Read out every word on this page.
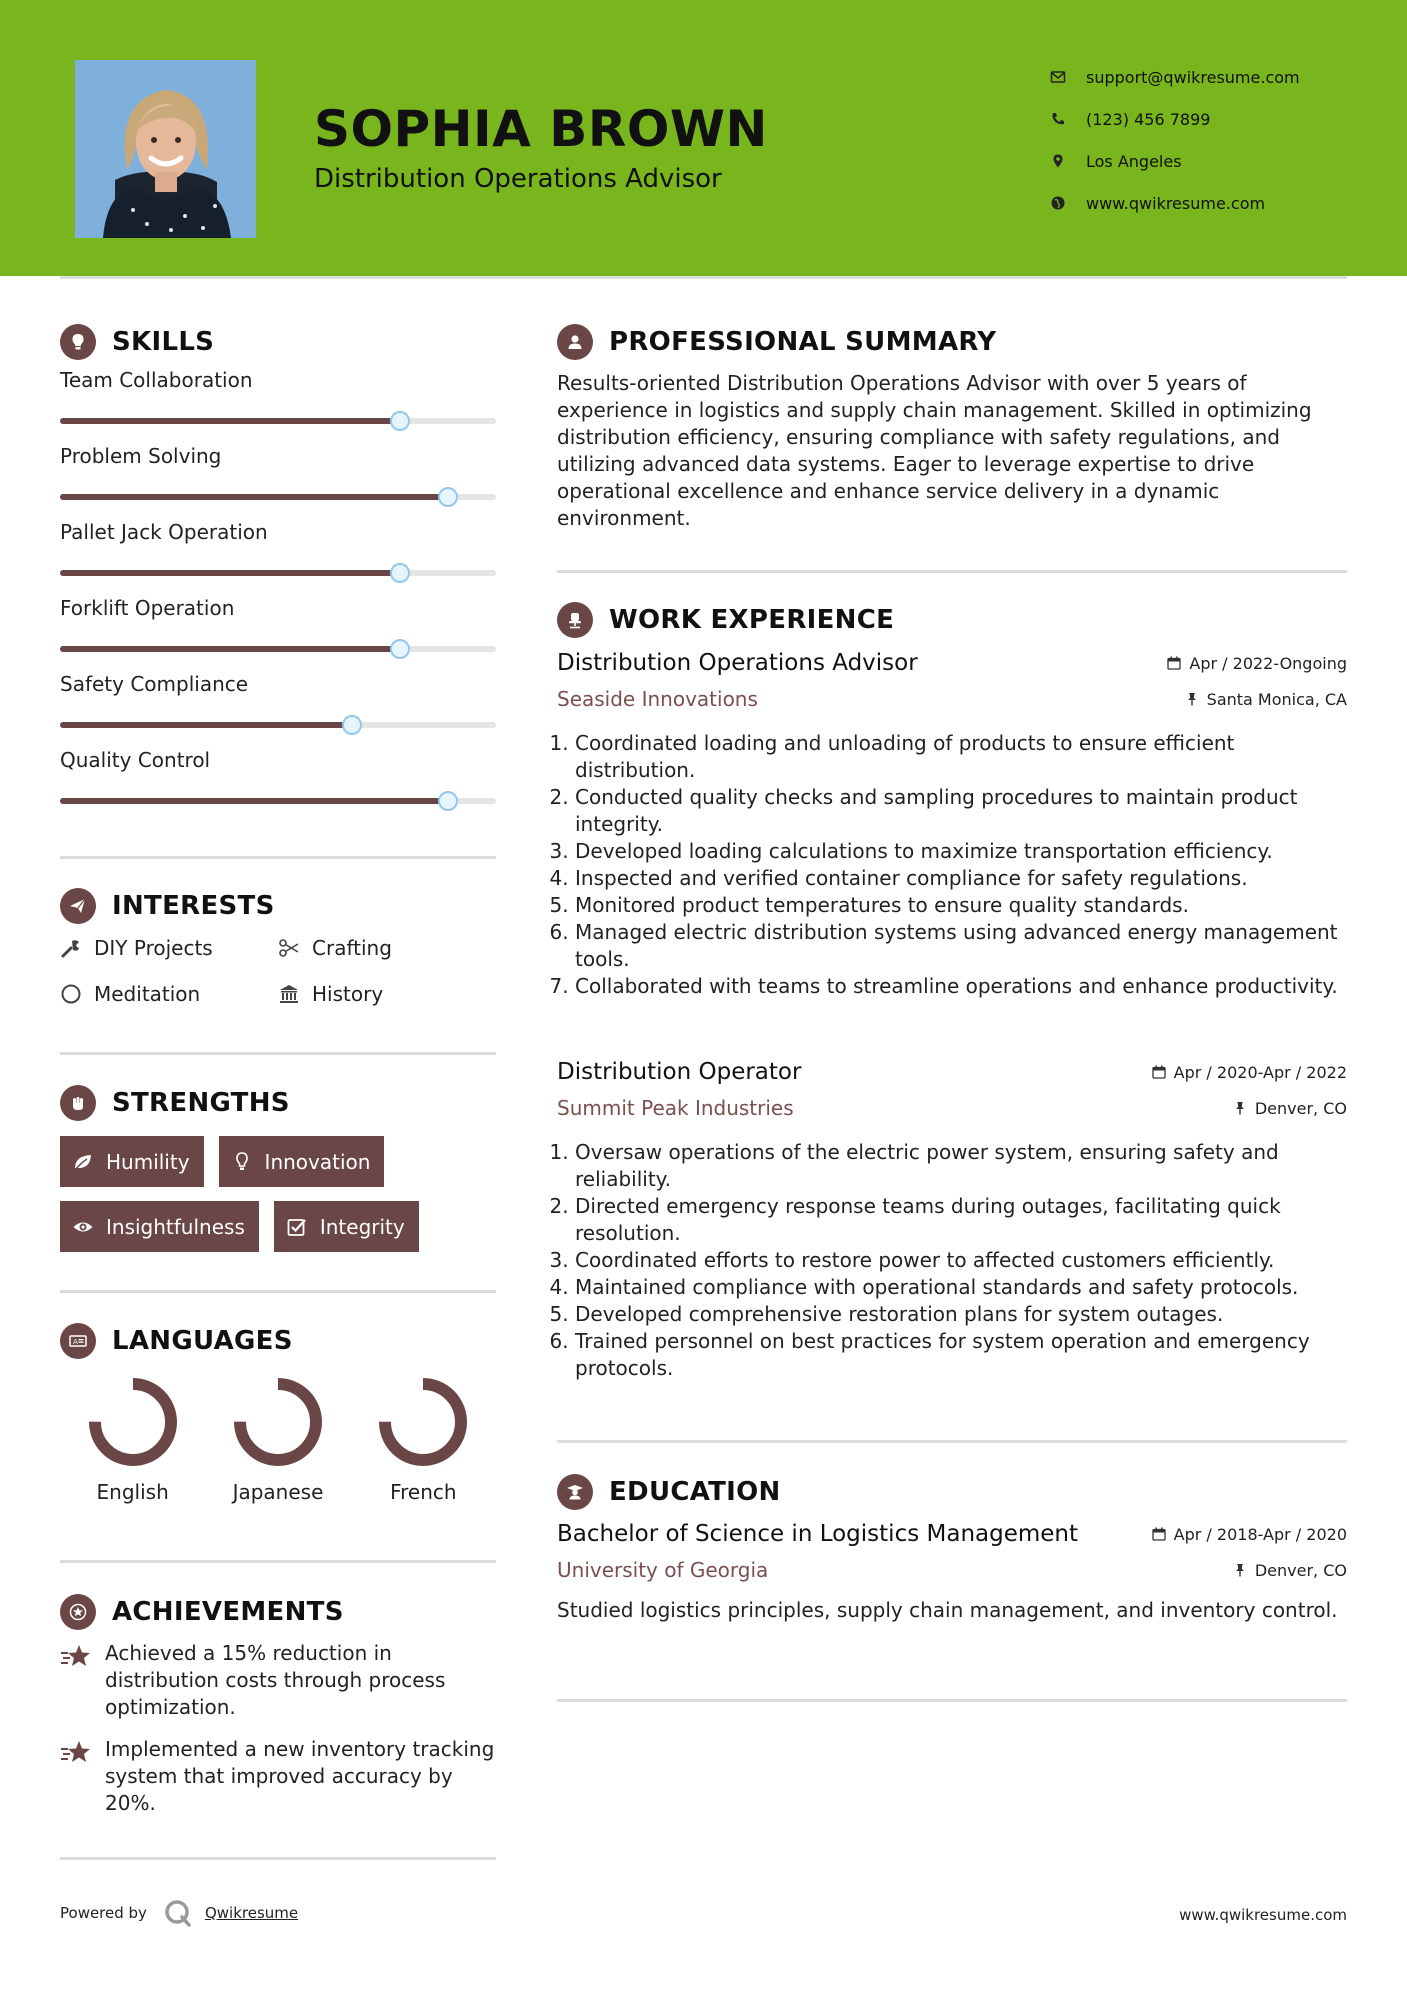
SOPHIA BROWN
Distribution Operations Advisor
support@qwikresume.com
(123) 456 7899
Los Angeles
www.qwikresume.com
SKILLS
Team Collaboration
Problem Solving
Pallet Jack Operation
Forklift Operation
Safety Compliance
Quality Control
INTERESTS
DIY Projects	Crafting
Meditation	History
STRENGTHS
Humility	Innovation
Insightfulness	Integrity
A LANGUAGES
English	Japanese	French
ACHIEVEMENTS
Achieved a 15% reduction in distribution costs through process optimization.
Implemented a new inventory tracking system that improved accuracy by 20%.
PROFESSIONAL SUMMARY
Results-oriented Distribution Operations Advisor with over 5 years of experience in logistics and supply chain management. Skilled in optimizing distribution efficiency, ensuring compliance with safety regulations, and utilizing advanced data systems. Eager to leverage expertise to drive operational excellence and enhance service delivery in a dynamic environment.
WORK EXPERIENCE
Distribution Operations Advisor	Apr / 2022-Ongoing
Seaside Innovations	Santa Monica, CA
1. Coordinated loading and unloading of products to ensure efficient distribution.
2. Conducted quality checks and sampling procedures to maintain product integrity.
3. Developed loading calculations to maximize transportation efficiency.
4. Inspected and verified container compliance for safety regulations.
5. Monitored product temperatures to ensure quality standards.
6. Managed electric distribution systems using advanced energy management tools.
7. Collaborated with teams to streamline operations and enhance productivity.
Distribution Operator	Apr / 2020-Apr / 2022
Summit Peak Industries	Denver, CO
1. Oversaw operations of the electric power system, ensuring safety and reliability.
2. Directed emergency response teams during outages, facilitating quick resolution.
3. Coordinated efforts to restore power to affected customers efficiently.
4. Maintained compliance with operational standards and safety protocols.
5. Developed comprehensive restoration plans for system outages.
6. Trained personnel on best practices for system operation and emergency protocols.
EDUCATION
Bachelor of Science in Logistics Management	Apr / 2018-Apr / 2020
University of Georgia	Denver, CO
Studied logistics principles, supply chain management, and inventory control.
Powered by	Qwikresume	www.qwikresume.com
